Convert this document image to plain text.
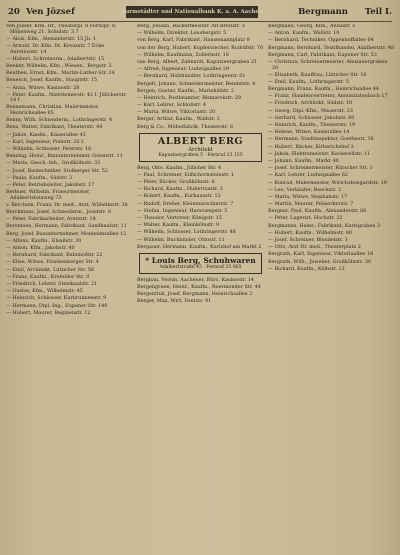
20 Ven Jözsef	Darmstädter und Nationalbank K. a. A. Aachen	Bergmann	Teil I.
Ven Jözsef, Kfm. Dr., Theaterpl. 8 Fernspr. 8, Höhenweg 21. Schulstr. 3 7
— Alois, Kfm., Alexanderstr. 15 Jb. 1
— Arnold, Dr. Kfm. Dt. Kreuzstr. 7 Ecke Aureliusstr. 14
— Hubert, Schreinerm., Adalbertstr. 15
Benker, Wilhelm, Kfm., Wiesen., Bergstr. 3
Beuthen, Ernst, Kfm., Martin-Luther-Str. 14
Benesch, Josef, Kaufm., Hauptstr. 15
— Anna, Witwe, Kasinostr. 28
— Peter, Kaufm., Niersteinerstr. 42 I. Jülicherstr. 14 f
Bennemann, Christian, Malermeister, Heinrichsallee 65
Benny, Wilh. Schneiderm., Lothringerstr. 4
Benz, Walter, Fabrikant, Theaterstr. 44
— Jakob, Kaufm., Kaiserallee 43
— Karl, Ingenieur, Pontstr. 26 I.
— Wilhelm, Schlosser, Peterstr. 16
Benzing, Heinr., Bauunternehmer, Gotenstr. 11
— Maria, Gesch.-Inh., Großkölnstr. 33
— Josef, Bautechniker, Stolberger Str. 52
— Paula, Kaufm., Südstr. 3
— Peter, Betriebsleiter, Jakobstr. 17
Berbuer, Wilhelm, Friseurmeister, Adalbertsteinweg 73
v. Berchem, Franz, Dr. med., Arzt, Wilhelmstr. 38
Berckmans, Josef, Schneiderm., Josefstr. 8
— Peter, Fabrikarbeiter, Aretzstr. 18
Berentsen, Hermann, Fabrikant, Sandkaulstr. 11
Berg, Josef, Bauunternehmer, Monheimsallee 12
— Alfons, Kaufm., Elsaßstr. 30
— Anton, Kfm., Jakobstr. 40
— Bernhard, Fabrikant, Bahnhofstr. 22
— Elise, Witwe, Frankenberger Str. 4
— Emil, Architekt, Lütticher Str. 56
— Franz, Kaufm., Krefelder Str. 8
— Friedrich, Lehrer, Steinkaulstr. 21
— Gustav, Kfm., Wilhelmstr. 45
— Heinrich, Schlosser, Kurbrunnenstr. 9
— Hermann, Dipl.-Ing., Eupener Str. 140
— Hubert, Maurer, Beginenstr. 12
Berg, Johann, Bäckermeister, Alt-Breitstr. 3
— Wilhelm, Direktor, Lousbergstr. 5
von Berg, Karl, Fabrikant, Hansemannplatz 9
von der Berg, Hubert, Kupferstecher, Rudolfstr. 70
— Wilhelm, Kaufmann, Zollernstr. 18
van Berg, Albert, Zahnarzt, Kapuzinergraben 21
— Alfred, Ingenieur, Ludwigsallee 29
— Bernhard, Holzhändler, Lothringerstr. 61
Bergelt, Johann, Schneidermeister, Bendelstr. 4
Bergen, Gustav, Kaufm., Mariahilfstr. 2
— Heinrich, Postbeamter, Bismarckstr. 29
— Karl, Lehrer, Schloßstr. 4
— Maria, Witwe, Viktoriastr. 20
Berger, Arthur, Kaufm., Wallstr. 3
Berg & Co., Möbelfabrik, Theaterstr. 8
ALBERT BERG
Architekt
Kapuzinergraben 5 · Fernruf 23 155
Berg, Otto, Kaufm., Jülicher Str. 4
— Paul, Schreiner, Eilfschornsteinstr. 1
— Peter, Bäcker, Großkölnstr. 6
— Richard, Kaufm., Hubertusstr. 3
— Robert, Kaufm., Kurhausstr. 12
— Rudolf, Dreher, Kleinmarschierstr. 7
— Stefan, Ingenieur, Harscampstr. 5
— Theodor, Vertreter, Königstr. 15
— Walter, Kaufm., Kleinkölnstr. 9
— Wilhelm, Schlosser, Lothringerstr. 48
— Wilhelm, Buchbinder, Ottostr. 11
Bergauer, Hermann, Kaufm., Karlshof am Markt 2
* Louis Berg, Schuhwaren
Adalbertstraße 45 · Fernruf 25 065
Bergbau, Verein, Aachener, Büro, Kasinostr. 14
Bergengruen, Heinr., Kaufm., Roermonder Str. 44
Bergenthal, Josef, Bergmann, Heinrichsallee 2
Berger, Max, Wirt, Pontstr. 91
Bergmann, Georg, Kfm., Annastr. 5
— Anton, Kaufm., Wallstr. 10
— Bernhard, Techniker, Oppenhoffallee 64
Bergmann, Bernhard, Textilhandel, Adalbertstr. 48
Bergmann, Carl, Fabrikant, Eupener Str. 53
— Christian, Schreinermeister, Alexianergraben 20
— Elisabeth, Kauffrau, Lütticher Str. 18
— Emil, Kaufm., Lothringerstr. 5
Bergmann, Franz, Kaufm., Heinrichsallee 44
— Franz, Handelsvertreter, Annuntiatenbach 17
— Friedrich, Architekt, Südstr. 10
— Georg, Dipl.-Kfm., Mauerstr. 23
— Gerhard, Schlosser, Jakobstr. 60
— Heinrich, Kaufm., Theaterstr. 19
— Helene, Witwe, Kaiserallee 14
— Hermann, Stadtinspektor, Goethestr. 30
— Hubert, Bäcker, Kirberichshof 3
— Jakob, Elektromeister, Kockerellstr. 11
— Johann, Kaufm., Markt 40
— Josef, Schreinermeister, Rütscher Str. 1
— Karl, Lehrer, Ludwigsallee 62
— Konrad, Malermeister, Wirichsbongardstr. 19
— Leo, Verkäufer, Beeckstr. 2
— Maria, Witwe, Stephanstr. 17
— Martin, Maurer, Peliserkerstr. 7
Bergner, Paul, Kaufm., Alexanderstr. 66
— Peter, Lagerist, Hochstr. 22
Bergmanns, Heinr., Fabrikant, Karlsgraben 3
— Hubert, Kaufm., Wilhelmstr. 80
— Josef, Schreiner, Blondelstr. 1
— Otto, Arzt Dr. med., Theaterplatz 2
Bergrath, Karl, Ingenieur, Viktoriaallee 18
Bergrath, Wilh., Juwelier, Großkölnstr. 30
— Richard, Kaufm., Kölnstr. 12
